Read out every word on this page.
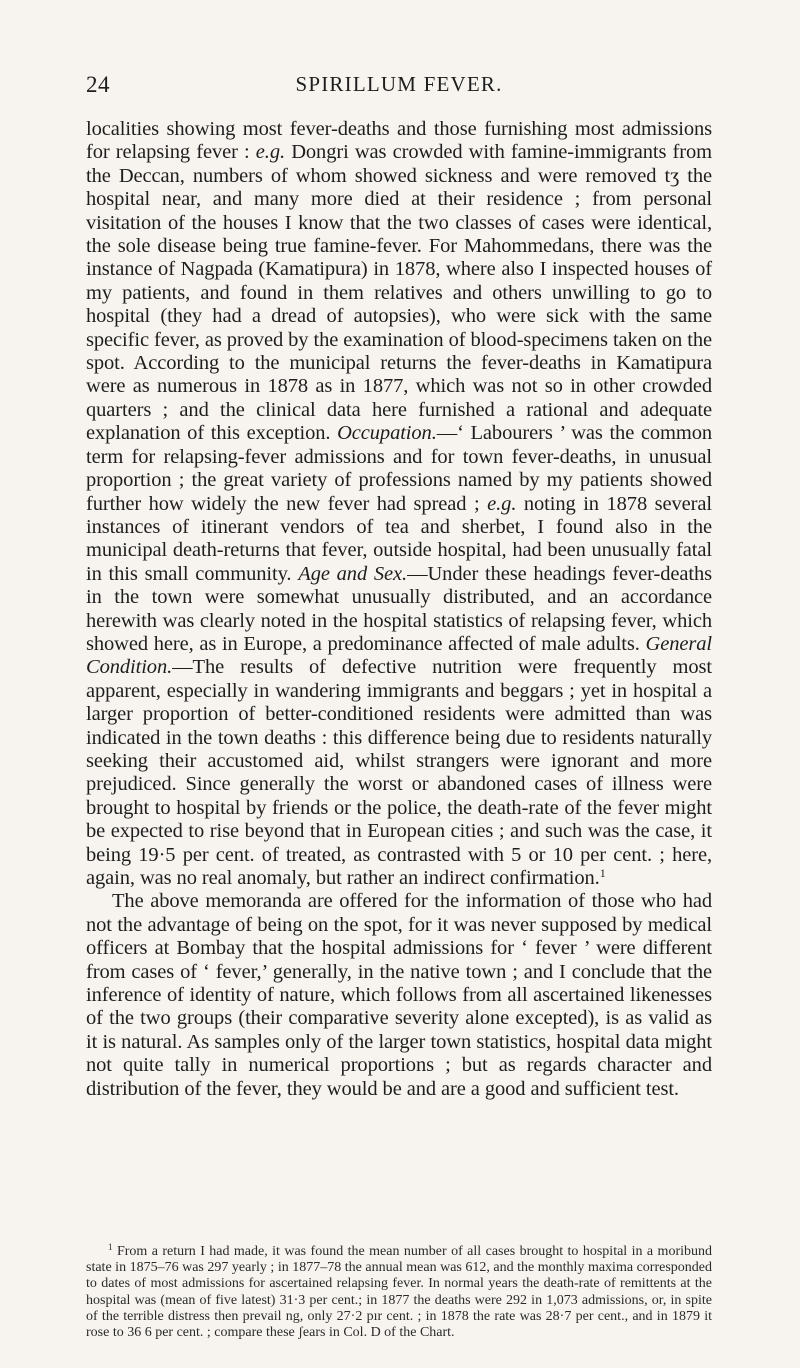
24	SPIRILLUM FEVER.

localities showing most fever-deaths and those furnishing most admissions for relapsing fever : e.g. Dongri was crowded with famine-immigrants from the Deccan, numbers of whom showed sickness and were removed tʒ the hospital near, and many more died at their residence ; from personal visitation of the houses I know that the two classes of cases were identical, the sole disease being true famine-fever. For Mahommedans, there was the instance of Nagpada (Kamatipura) in 1878, where also I inspected houses of my patients, and found in them relatives and others unwilling to go to hospital (they had a dread of autopsies), who were sick with the same specific fever, as proved by the examination of blood-specimens taken on the spot. According to the municipal returns the fever-deaths in Kamatipura were as numerous in 1878 as in 1877, which was not so in other crowded quarters ; and the clinical data here furnished a rational and adequate explanation of this exception. Occupation.—‘ Labourers ’ was the common term for relapsing-fever admissions and for town fever-deaths, in unusual proportion ; the great variety of professions named by my patients showed further how widely the new fever had spread ; e.g. noting in 1878 several instances of itinerant vendors of tea and sherbet, I found also in the municipal death-returns that fever, outside hospital, had been unusually fatal in this small community. Age and Sex.—Under these headings fever-deaths in the town were somewhat unusually distributed, and an accordance herewith was clearly noted in the hospital statistics of relapsing fever, which showed here, as in Europe, a predominance affected of male adults. General Condition.—The results of defective nutrition were frequently most apparent, especially in wandering immigrants and beggars ; yet in hospital a larger proportion of better-conditioned residents were admitted than was indicated in the town deaths : this difference being due to residents naturally seeking their accustomed aid, whilst strangers were ignorant and more prejudiced. Since generally the worst or abandoned cases of illness were brought to hospital by friends or the police, the death-rate of the fever might be expected to rise beyond that in European cities ; and such was the case, it being 19·5 per cent. of treated, as contrasted with 5 or 10 per cent. ; here, again, was no real anomaly, but rather an indirect confirmation.$^1$

The above memoranda are offered for the information of those who had not the advantage of being on the spot, for it was never supposed by medical officers at Bombay that the hospital admissions for ‘ fever ’ were different from cases of ‘ fever,’ generally, in the native town ; and I conclude that the inference of identity of nature, which follows from all ascertained likenesses of the two groups (their comparative severity alone excepted), is as valid as it is natural. As samples only of the larger town statistics, hospital data might not quite tally in numerical proportions ; but as regards character and distribution of the fever, they would be and are a good and sufficient test.

$^1$ From a return I had made, it was found the mean number of all cases brought to hospital in a moribund state in 1875–76 was 297 yearly ; in 1877–78 the annual mean was 612, and the monthly maxima corresponded to dates of most admissions for ascertained relapsing fever. In normal years the death-rate of remittents at the hospital was (mean of five latest) 31·3 per cent.; in 1877 the deaths were 292 in 1,073 admissions, or, in spite of the terrible distress then prevail ng, only 27·2 pır cent. ; in 1878 the rate was 28·7 per cent., and in 1879 it rose to 36 6 per cent. ; compare these ʃears in Col. D of the Chart.
